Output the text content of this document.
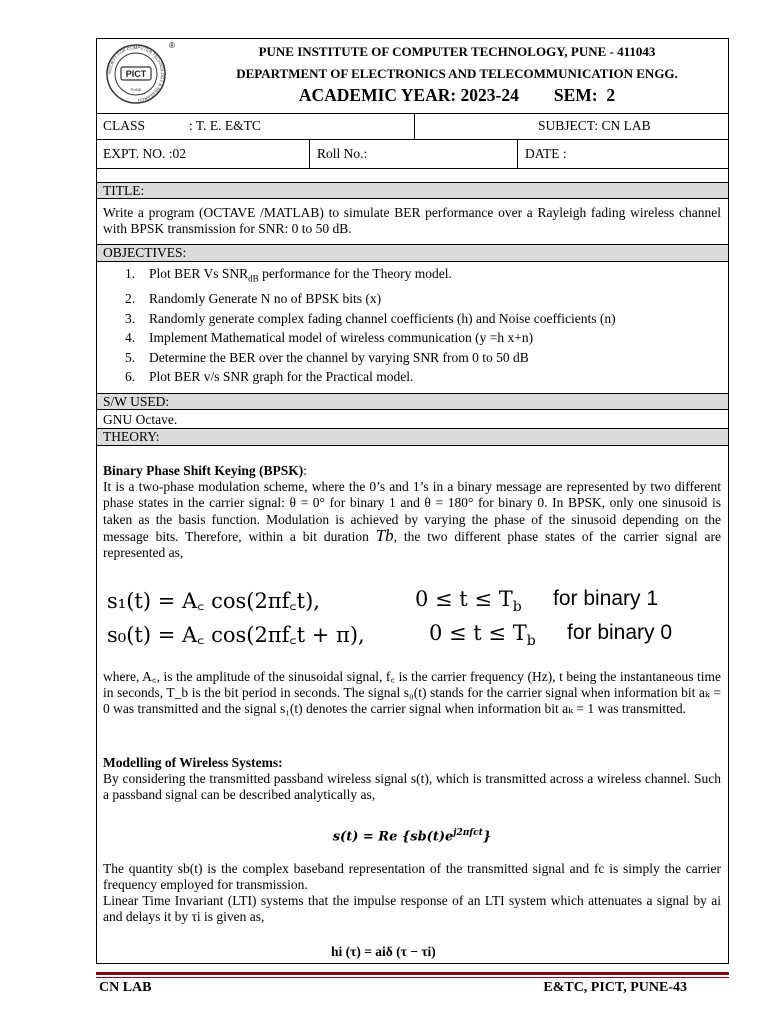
SOCIETY FOR COMPUTER TECHNOLOGY & RESEARCH
PICT
PUNE
®	PUNE INSTITUTE OF COMPUTER TECHNOLOGY, PUNE - 411043
DEPARTMENT OF ELECTRONICS AND TELECOMMUNICATION ENGG.
ACADEMIC YEAR: 2023-24        SEM:  2
CLASS	: T. E. E&TC	SUBJECT: CN LAB
EXPT. NO. :02	Roll No.:	DATE :
TITLE:
Write a program (OCTAVE /MATLAB) to simulate BER performance over a Rayleigh fading wireless channel with BPSK transmission for SNR: 0 to 50 dB.
OBJECTIVES:
1. Plot BER Vs $SNR_{dB}$ performance for the Theory model.
2. Randomly Generate N no of BPSK bits (x)
3. Randomly generate complex fading channel coefficients (h) and Noise coefficients (n)
4. Implement Mathematical model of wireless communication (y =h x+n)
5. Determine the BER over the channel by varying SNR from 0 to 50 dB
6. Plot BER v/s SNR graph for the Practical model.
S/W USED:
GNU Octave.
THEORY:
Binary Phase Shift Keying (BPSK):
It is a two-phase modulation scheme, where the 0’s and 1’s in a binary message are represented by two different phase states in the carrier signal: θ = 0° for binary 1 and θ = 180° for binary 0. In BPSK, only one sinusoid is taken as the basis function. Modulation is achieved by varying the phase of the sinusoid depending on the message bits. Therefore, within a bit duration Tb, the two different phase states of the carrier signal are represented as,
s₁(t) = A꜀ cos(2πf꜀t),	$0 \le t \le T_b$ for binary 1
s₀(t) = A꜀ cos(2πf꜀t + π),	$0 \le t \le T_b$ for binary 0
where, A꜀, is the amplitude of the sinusoidal signal, f꜀ is the carrier frequency (Hz), t being the instantaneous time in seconds, T_b is the bit period in seconds. The signal s₀(t) stands for the carrier signal when information bit aₖ = 0 was transmitted and the signal s₁(t) denotes the carrier signal when information bit aₖ = 1 was transmitted.
Modelling of Wireless Systems:
By considering the transmitted passband wireless signal s(t), which is transmitted across a wireless channel. Such a passband signal can be described analytically as,
s(t) = Re $\{sb(t)e^{j2\pi fct}\}$
The quantity sb(t) is the complex baseband representation of the transmitted signal and fc is simply the carrier frequency employed for transmission.
Linear Time Invariant (LTI) systems that the impulse response of an LTI system which attenuates a signal by ai and delays it by τi is given as,
hi (τ) = aiδ (τ − τi)
CN LAB	E&TC, PICT, PUNE-43
